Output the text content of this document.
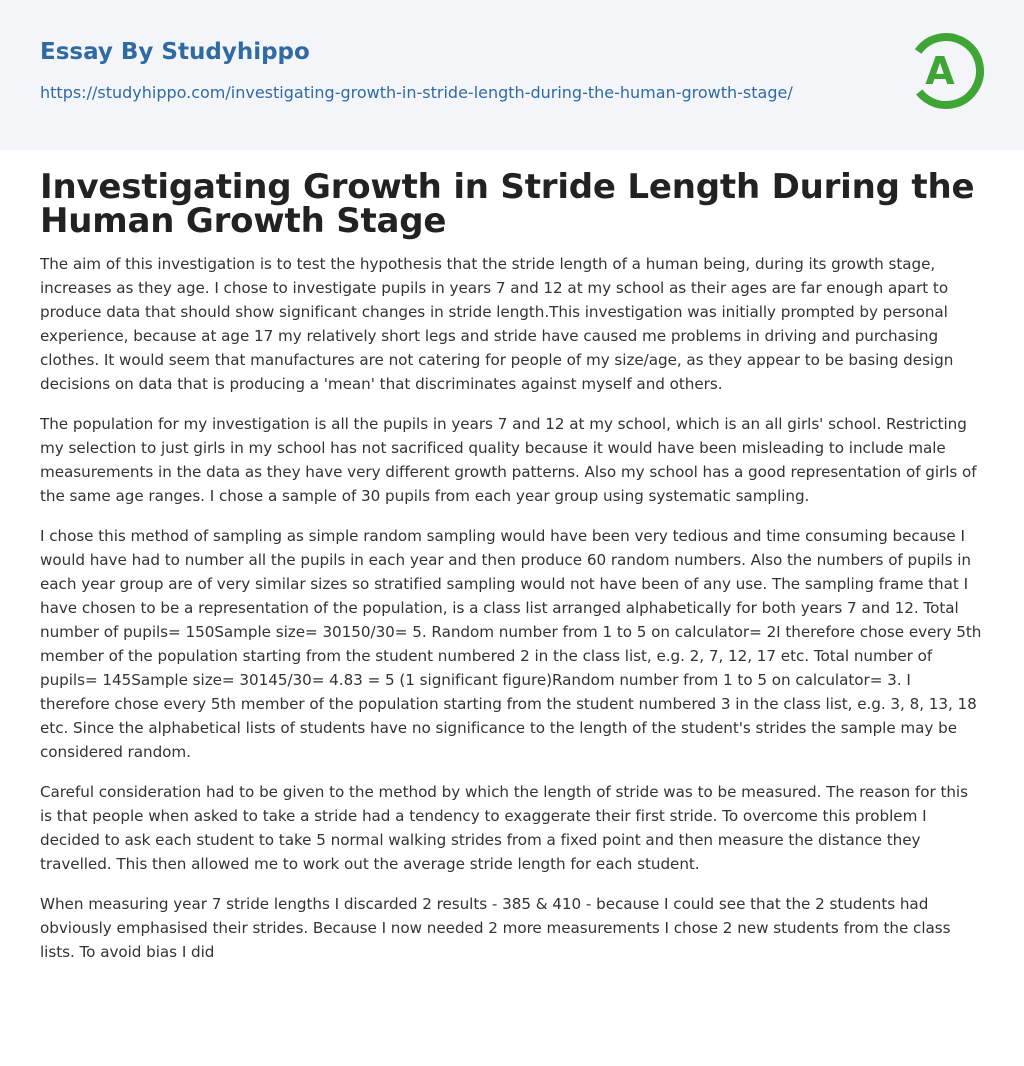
Essay By Studyhippo
https://studyhippo.com/investigating-growth-in-stride-length-during-the-human-growth-stage/	A
Investigating Growth in Stride Length During the Human Growth Stage

The aim of this investigation is to test the hypothesis that the stride length of a human being, during its growth stage, increases as they age. I chose to investigate pupils in years 7 and 12 at my school as their ages are far enough apart to produce data that should show significant changes in stride length.This investigation was initially prompted by personal experience, because at age 17 my relatively short legs and stride have caused me problems in driving and purchasing clothes. It would seem that manufactures are not catering for people of my size/age, as they appear to be basing design decisions on data that is producing a 'mean' that discriminates against myself and others.

The population for my investigation is all the pupils in years 7 and 12 at my school, which is an all girls' school. Restricting my selection to just girls in my school has not sacrificed quality because it would have been misleading to include male measurements in the data as they have very different growth patterns. Also my school has a good representation of girls of the same age ranges. I chose a sample of 30 pupils from each year group using systematic sampling.

I chose this method of sampling as simple random sampling would have been very tedious and time consuming because I would have had to number all the pupils in each year and then produce 60 random numbers. Also the numbers of pupils in each year group are of very similar sizes so stratified sampling would not have been of any use. The sampling frame that I have chosen to be a representation of the population, is a class list arranged alphabetically for both years 7 and 12. Total number of pupils= 150Sample size= 30150/30= 5. Random number from 1 to 5 on calculator= 2I therefore chose every 5th member of the population starting from the student numbered 2 in the class list, e.g. 2, 7, 12, 17 etc. Total number of pupils= 145Sample size= 30145/30= 4.83 = 5 (1 significant figure)Random number from 1 to 5 on calculator= 3. I therefore chose every 5th member of the population starting from the student numbered 3 in the class list, e.g. 3, 8, 13, 18 etc. Since the alphabetical lists of students have no significance to the length of the student's strides the sample may be considered random.

Careful consideration had to be given to the method by which the length of stride was to be measured. The reason for this is that people when asked to take a stride had a tendency to exaggerate their first stride. To overcome this problem I decided to ask each student to take 5 normal walking strides from a fixed point and then measure the distance they travelled. This then allowed me to work out the average stride length for each student.

When measuring year 7 stride lengths I discarded 2 results - 385 & 410 - because I could see that the 2 students had obviously emphasised their strides. Because I now needed 2 more measurements I chose 2 new students from the class lists. To avoid bias I did
